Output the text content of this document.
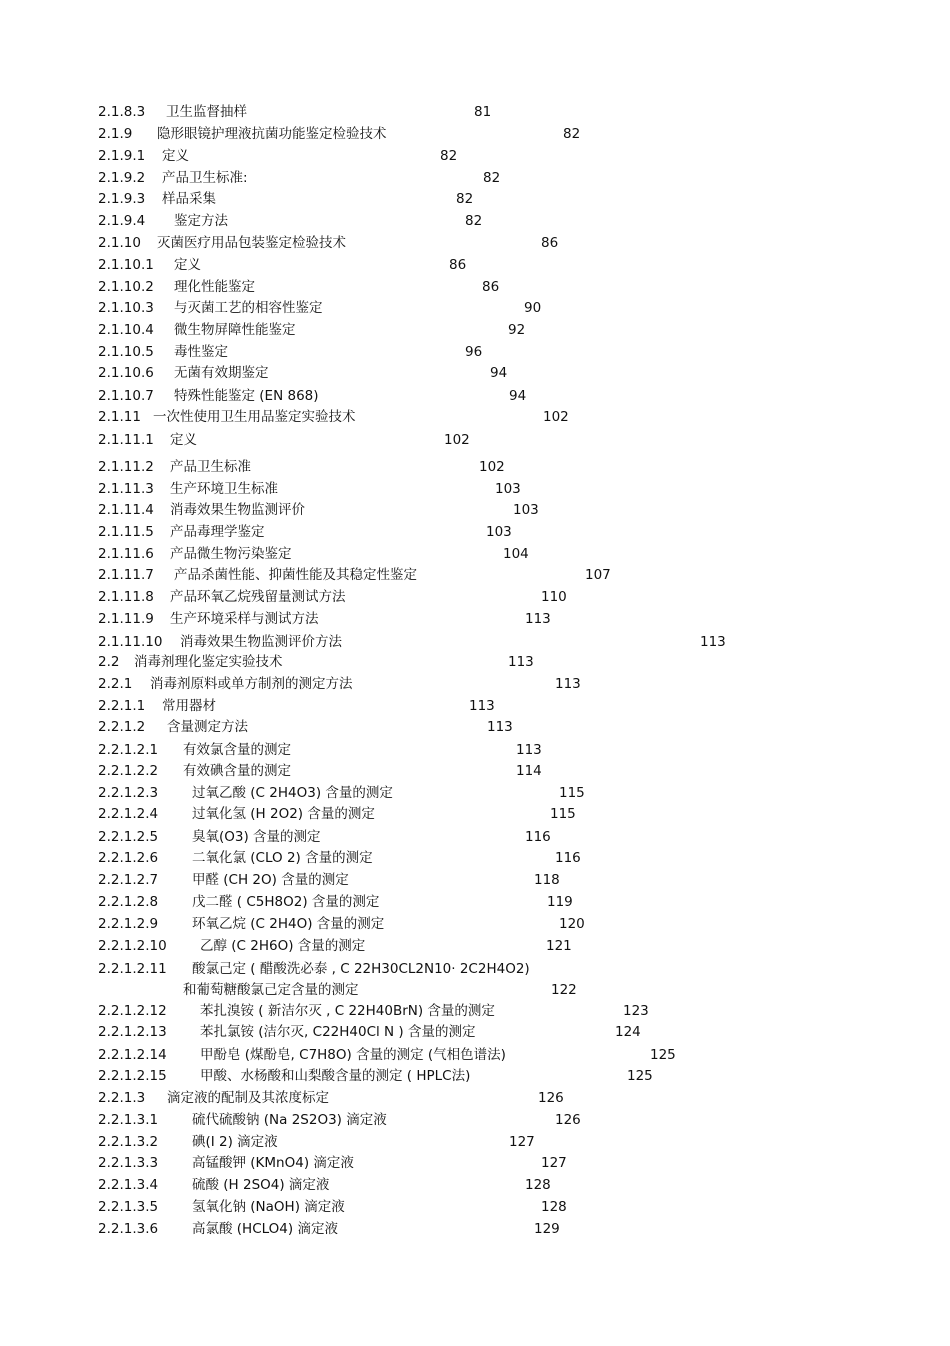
2.1.8.3 卫生监督抽样	81
2.1.9 隐形眼镜护理液抗菌功能鉴定检验技术	82
2.1.9.1 定义	82
2.1.9.2 产品卫生标准:	82
2.1.9.3 样品采集	82
2.1.9.4 鉴定方法	82
2.1.10 灭菌医疗用品包装鉴定检验技术	86
2.1.10.1 定义	86
2.1.10.2 理化性能鉴定	86
2.1.10.3 与灭菌工艺的相容性鉴定	90
2.1.10.4 微生物屏障性能鉴定	92
2.1.10.5 毒性鉴定	96
2.1.10.6 无菌有效期鉴定	94
2.1.10.7 特殊性能鉴定 (EN 868)	94
2.1.11 一次性使用卫生用品鉴定实验技术	102
2.1.11.1 定义	102
2.1.11.2 产品卫生标准	102
2.1.11.3 生产环境卫生标准	103
2.1.11.4 消毒效果生物监测评价	103
2.1.11.5 产品毒理学鉴定	103
2.1.11.6 产品微生物污染鉴定	104
2.1.11.7 产品杀菌性能、抑菌性能及其稳定性鉴定	107
2.1.11.8 产品环氧乙烷残留量测试方法	110
2.1.11.9 生产环境采样与测试方法	113
2.1.11.10 消毒效果生物监测评价方法	113
2.2 消毒剂理化鉴定实验技术	113
2.2.1 消毒剂原料或单方制剂的测定方法	113
2.2.1.1 常用器材	113
2.2.1.2 含量测定方法	113
2.2.1.2.1 有效氯含量的测定	113
2.2.1.2.2 有效碘含量的测定	114
2.2.1.2.3	过氧乙酸 (C 2H4O3) 含量的测定	115
2.2.1.2.4	过氧化氢 (H 2O2) 含量的测定	115
2.2.1.2.5	臭氧(O3) 含量的测定	116
2.2.1.2.6	二氧化氯 (CLO 2) 含量的测定	116
2.2.1.2.7	甲醛 (CH 2O) 含量的测定	118
2.2.1.2.8	戊二醛 ( C5H8O2) 含量的测定	119
2.2.1.2.9	环氧乙烷 (C 2H4O) 含量的测定	120
2.2.1.2.10 乙醇 (C 2H6O) 含量的测定	121
2.2.1.2.11 酸氯己定 ( 醋酸洗必泰 , C 22H30CL2N10· 2C2H4O2)
和葡萄糖酸氯己定含量的测定	122
2.2.1.2.12 苯扎溴铵 ( 新洁尔灭 , C 22H40BrN) 含量的测定	123
2.2.1.2.13 苯扎氯铵 (洁尔灭, C22H40Cl N ) 含量的测定	124
2.2.1.2.14 甲酚皂 (煤酚皂, C7H8O) 含量的测定 (气相色谱法)	125
2.2.1.2.15 甲酸、水杨酸和山梨酸含量的测定 ( HPLC法)	125
2.2.1.3 滴定液的配制及其浓度标定	126
2.2.1.3.1	硫代硫酸钠 (Na 2S2O3) 滴定液	126
2.2.1.3.2	碘(I 2) 滴定液	127
2.2.1.3.3	高锰酸钾 (KMnO4) 滴定液	127
2.2.1.3.4	硫酸 (H 2SO4) 滴定液	128
2.2.1.3.5	氢氧化钠 (NaOH) 滴定液	128
2.2.1.3.6	高氯酸 (HCLO4) 滴定液	129
